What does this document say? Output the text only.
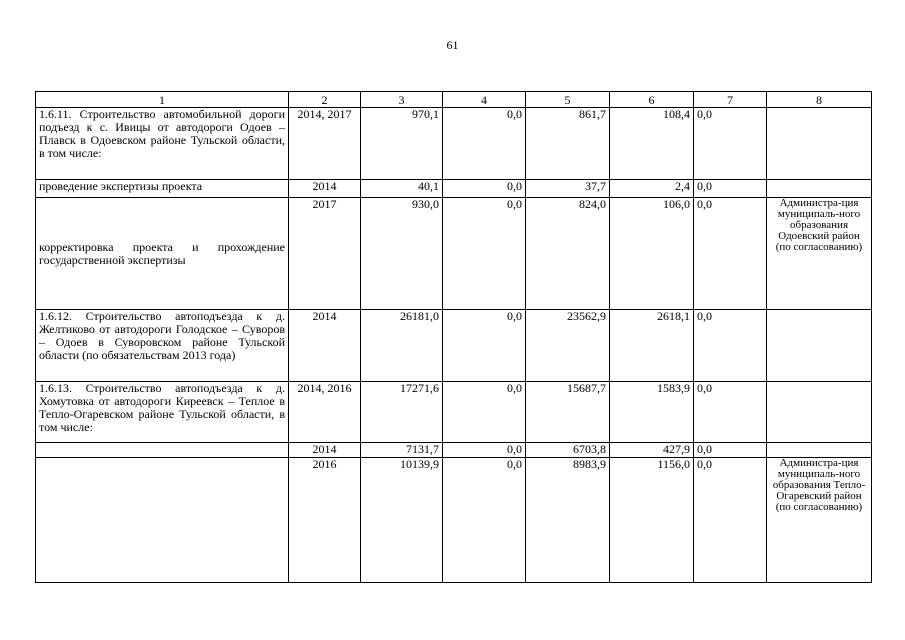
61
1	2	3	4	5	6	7	8
1.6.11. Строительство автомобильной дороги подъезд к с. Ивицы от автодороги Одоев – Плавск в Одоевском районе Тульской области, в том числе:	2014, 2017	970,1	0,0	861,7	108,4	0,0	
проведение экспертизы проекта	2014	40,1	0,0	37,7	2,4	0,0	
корректировка проекта и прохождение государственной экспертизы	2017	930,0	0,0	824,0	106,0	0,0	Администра-ция муниципаль-ного образования Одоевский район (по согласованию)
1.6.12. Строительство автоподъезда к д. Желтиково от автодороги Голодское – Суворов – Одоев в Суворовском районе Тульской области (по обязательствам 2013 года)	2014	26181,0	0,0	23562,9	2618,1	0,0	
1.6.13. Строительство автоподъезда к д. Хомутовка от автодороги Киреевск – Теплое в Тепло-Огаревском районе Тульской области, в том числе:	2014, 2016	17271,6	0,0	15687,7	1583,9	0,0	
	2014	7131,7	0,0	6703,8	427,9	0,0	
	2016	10139,9	0,0	8983,9	1156,0	0,0	Администра-ция муниципаль-ного образования Тепло-Огаревский район (по согласованию)
